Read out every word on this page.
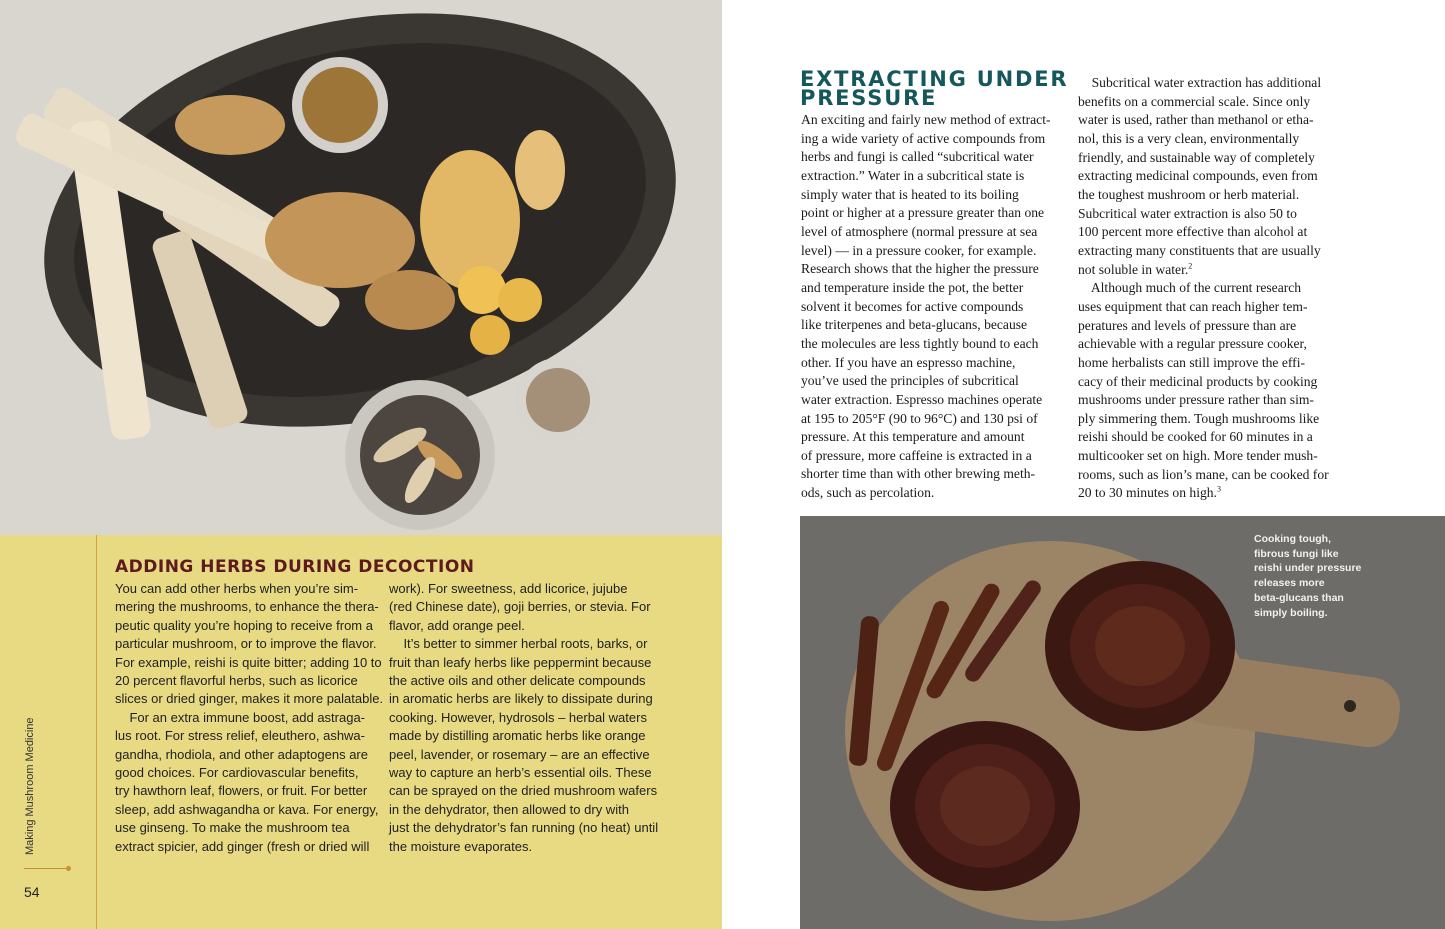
ADDING HERBS DURING DECOCTION
You can add other herbs when you’re sim-
mering the mushrooms, to enhance the thera-
peutic quality you’re hoping to receive from a
particular mushroom, or to improve the flavor.
For example, reishi is quite bitter; adding 10 to
20 percent flavorful herbs, such as licorice
slices or dried ginger, makes it more palatable.
For an extra immune boost, add astraga-
lus root. For stress relief, eleuthero, ashwa-
gandha, rhodiola, and other adaptogens are
good choices. For cardiovascular benefits,
try hawthorn leaf, flowers, or fruit. For better
sleep, add ashwagandha or kava. For energy,
use ginseng. To make the mushroom tea
extract spicier, add ginger (fresh or dried will
work). For sweetness, add licorice, jujube
(red Chinese date), goji berries, or stevia. For
flavor, add orange peel.
It’s better to simmer herbal roots, barks, or
fruit than leafy herbs like peppermint because
the active oils and other delicate compounds
in aromatic herbs are likely to dissipate during
cooking. However, hydrosols – herbal waters
made by distilling aromatic herbs like orange
peel, lavender, or rosemary – are an effective
way to capture an herb’s essential oils. These
can be sprayed on the dried mushroom wafers
in the dehydrator, then allowed to dry with
just the dehydrator’s fan running (no heat) until
the moisture evaporates.
54
EXTRACTING UNDER
PRESSURE
An exciting and fairly new method of extract-
ing a wide variety of active compounds from
herbs and fungi is called “subcritical water
extraction.” Water in a subcritical state is
simply water that is heated to its boiling
point or higher at a pressure greater than one
level of atmosphere (normal pressure at sea
level) — in a pressure cooker, for example.
Research shows that the higher the pressure
and temperature inside the pot, the better
solvent it becomes for active compounds
like triterpenes and beta-glucans, because
the molecules are less tightly bound to each
other. If you have an espresso machine,
you’ve used the principles of subcritical
water extraction. Espresso machines operate
at 195 to 205°F (90 to 96°C) and 130 psi of
pressure. At this temperature and amount
of pressure, more caffeine is extracted in a
shorter time than with other brewing meth-
ods, such as percolation.
Subcritical water extraction has additional
benefits on a commercial scale. Since only
water is used, rather than methanol or etha-
nol, this is a very clean, environmentally
friendly, and sustainable way of completely
extracting medicinal compounds, even from
the toughest mushroom or herb material.
Subcritical water extraction is also 50 to
100 percent more effective than alcohol at
extracting many constituents that are usually
not soluble in water.$^2$
Although much of the current research
uses equipment that can reach higher tem-
peratures and levels of pressure than are
achievable with a regular pressure cooker,
home herbalists can still improve the effi-
cacy of their medicinal products by cooking
mushrooms under pressure rather than sim-
ply simmering them. Tough mushrooms like
reishi should be cooked for 60 minutes in a
multicooker set on high. More tender mush-
rooms, such as lion’s mane, can be cooked for
20 to 30 minutes on high.$^3$
Cooking tough,
fibrous fungi like
reishi under pressure
releases more
beta-glucans than
simply boiling.
